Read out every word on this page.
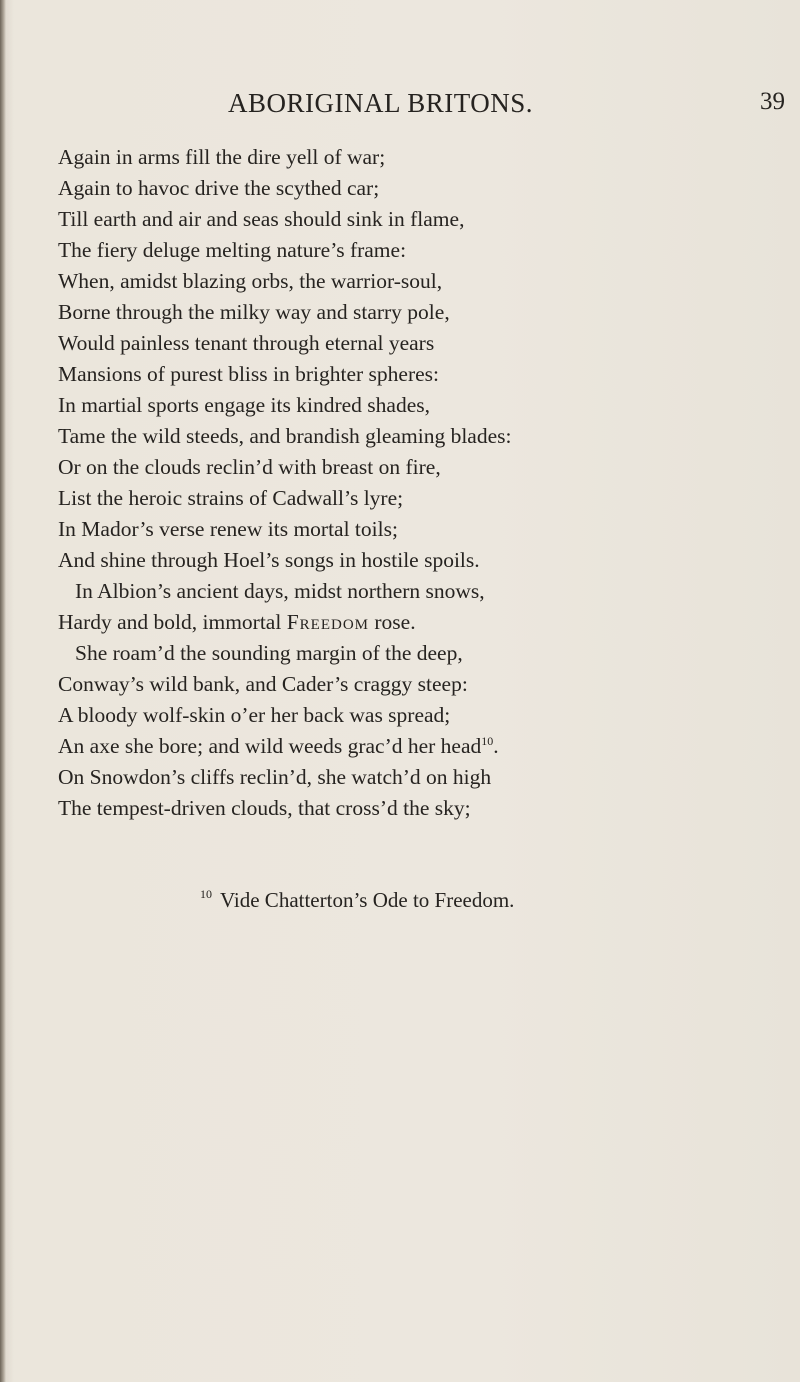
ABORIGINAL BRITONS.	39
Again in arms fill the dire yell of war;
Again to havoc drive the scythed car;
Till earth and air and seas should sink in flame,
The fiery deluge melting nature’s frame:
When, amidst blazing orbs, the warrior-soul,
Borne through the milky way and starry pole,
Would painless tenant through eternal years
Mansions of purest bliss in brighter spheres:
In martial sports engage its kindred shades,
Tame the wild steeds, and brandish gleaming blades:
Or on the clouds reclin’d with breast on fire,
List the heroic strains of Cadwall’s lyre;
In Mador’s verse renew its mortal toils;
And shine through Hoel’s songs in hostile spoils.
In Albion’s ancient days, midst northern snows,
Hardy and bold, immortal Freedom rose.
She roam’d the sounding margin of the deep,
Conway’s wild bank, and Cader’s craggy steep:
A bloody wolf-skin o’er her back was spread;
An axe she bore; and wild weeds grac’d her head$^{10}$.
On Snowdon’s cliffs reclin’d, she watch’d on high
The tempest-driven clouds, that cross’d the sky;
$^{10}$ Vide Chatterton’s Ode to Freedom.
